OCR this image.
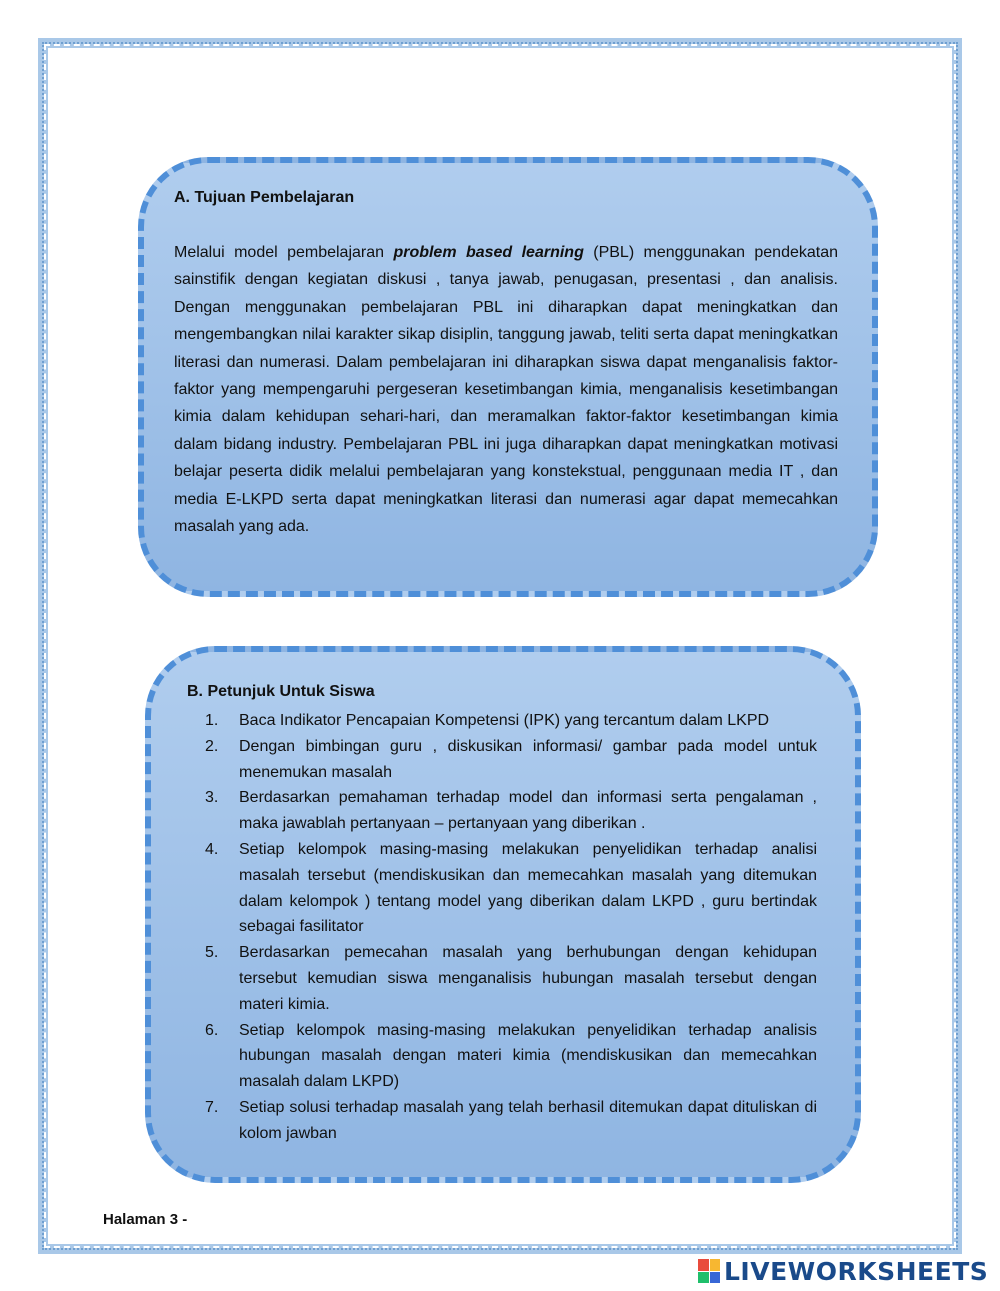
A. Tujuan Pembelajaran

Melalui model pembelajaran problem based learning (PBL) menggunakan pendekatan sainstifik dengan kegiatan diskusi , tanya jawab, penugasan, presentasi , dan analisis. Dengan menggunakan pembelajaran PBL ini diharapkan dapat meningkatkan dan mengembangkan nilai karakter sikap disiplin, tanggung jawab, teliti serta dapat meningkatkan literasi dan numerasi. Dalam pembelajaran ini diharapkan siswa dapat menganalisis faktor-faktor yang mempengaruhi pergeseran kesetimbangan kimia, menganalisis kesetimbangan kimia dalam kehidupan sehari-hari, dan meramalkan faktor-faktor kesetimbangan kimia dalam bidang industry. Pembelajaran PBL ini juga diharapkan dapat meningkatkan motivasi belajar peserta didik melalui pembelajaran yang konstekstual, penggunaan media IT , dan media E-LKPD serta dapat meningkatkan literasi dan numerasi agar dapat memecahkan masalah yang ada.

B. Petunjuk Untuk Siswa
1.	Baca Indikator Pencapaian Kompetensi (IPK) yang tercantum dalam LKPD
2.	Dengan bimbingan guru , diskusikan informasi/ gambar pada model untuk menemukan masalah
3.	Berdasarkan pemahaman terhadap model dan informasi serta pengalaman , maka jawablah pertanyaan – pertanyaan yang diberikan .
4.	Setiap kelompok masing-masing melakukan penyelidikan terhadap analisi masalah tersebut (mendiskusikan dan memecahkan masalah yang ditemukan dalam kelompok ) tentang model yang diberikan dalam LKPD , guru bertindak sebagai fasilitator
5.	Berdasarkan pemecahan masalah yang berhubungan dengan kehidupan tersebut kemudian siswa menganalisis hubungan masalah tersebut dengan materi kimia.
6.	Setiap kelompok masing-masing melakukan penyelidikan terhadap analisis hubungan masalah dengan materi kimia (mendiskusikan dan memecahkan masalah dalam LKPD)
7.	Setiap solusi terhadap masalah yang telah berhasil ditemukan dapat dituliskan di kolom jawban
Halaman 3 -
LIVEWORKSHEETS
